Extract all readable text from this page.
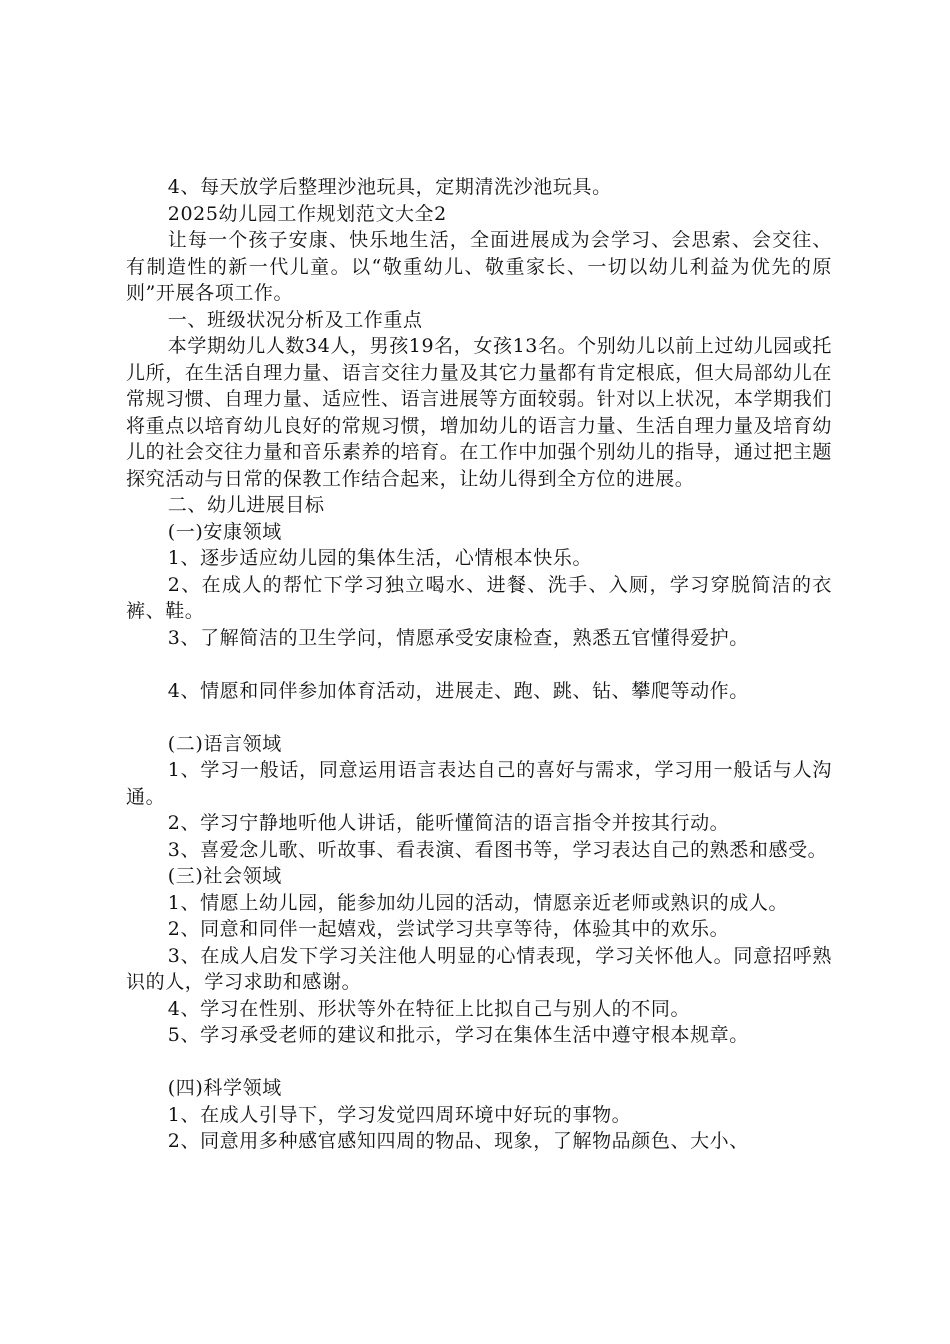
4、每天放学后整理沙池玩具，定期清洗沙池玩具。

2025幼儿园工作规划范文大全2

让每一个孩子安康、快乐地生活，全面进展成为会学习、会思索、会交往、有制造性的新一代儿童。以“敬重幼儿、敬重家长、一切以幼儿利益为优先的原则”开展各项工作。

一、班级状况分析及工作重点

本学期幼儿人数34人，男孩19名，女孩13名。个别幼儿以前上过幼儿园或托儿所，在生活自理力量、语言交往力量及其它力量都有肯定根底，但大局部幼儿在常规习惯、自理力量、适应性、语言进展等方面较弱。针对以上状况，本学期我们将重点以培育幼儿良好的常规习惯，增加幼儿的语言力量、生活自理力量及培育幼儿的社会交往力量和音乐素养的培育。在工作中加强个别幼儿的指导，通过把主题探究活动与日常的保教工作结合起来，让幼儿得到全方位的进展。

二、幼儿进展目标

(一)安康领域

1、逐步适应幼儿园的集体生活，心情根本快乐。

2、在成人的帮忙下学习独立喝水、进餐、洗手、入厕，学习穿脱简洁的衣裤、鞋。

3、了解简洁的卫生学问，情愿承受安康检查，熟悉五官懂得爱护。

4、情愿和同伴参加体育活动，进展走、跑、跳、钻、攀爬等动作。

(二)语言领域

1、学习一般话，同意运用语言表达自己的喜好与需求，学习用一般话与人沟通。

2、学习宁静地听他人讲话，能听懂简洁的语言指令并按其行动。

3、喜爱念儿歌、听故事、看表演、看图书等，学习表达自己的熟悉和感受。

(三)社会领域

1、情愿上幼儿园，能参加幼儿园的活动，情愿亲近老师或熟识的成人。

2、同意和同伴一起嬉戏，尝试学习共享等待，体验其中的欢乐。

3、在成人启发下学习关注他人明显的心情表现，学习关怀他人。同意招呼熟识的人，学习求助和感谢。

4、学习在性别、形状等外在特征上比拟自己与别人的不同。

5、学习承受老师的建议和批示，学习在集体生活中遵守根本规章。

(四)科学领域

1、在成人引导下，学习发觉四周环境中好玩的事物。

2、同意用多种感官感知四周的物品、现象，了解物品颜色、大小、
